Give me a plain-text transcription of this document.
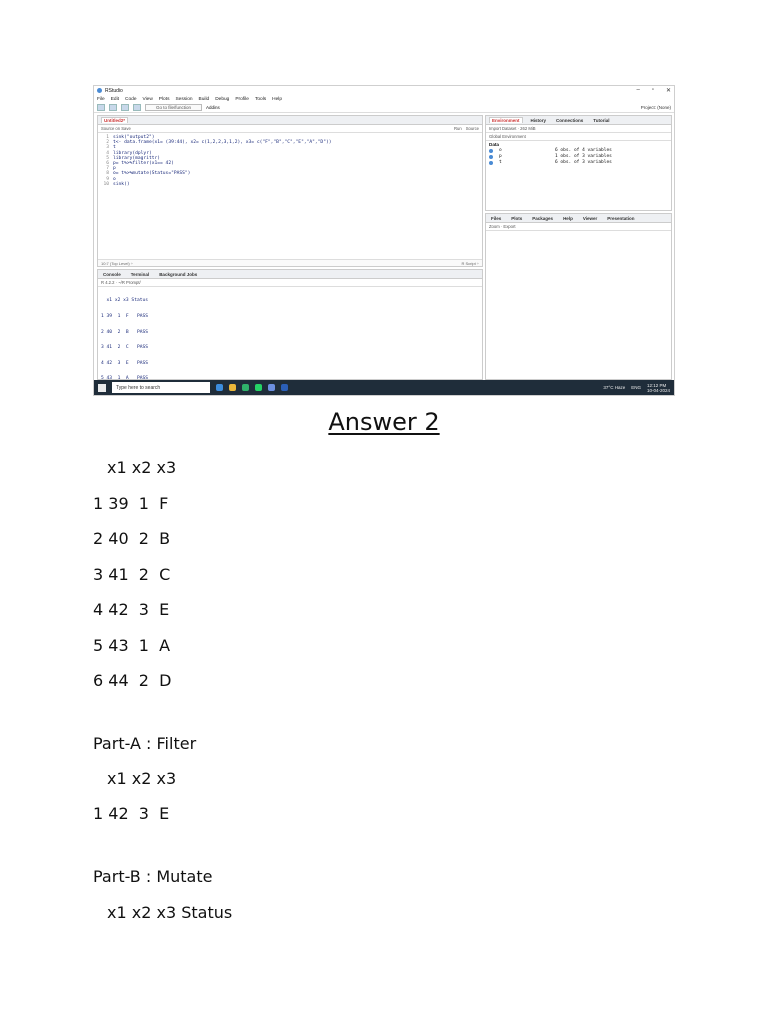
RStudio	– ▫ ✕
File Edit Code View Plots Session Build Debug Profile Tools Help
Go to file/function	Addins	Project: (None)
Untitled2*
Source on Save	Run Source
1 sink("output2")
2 t<- data.frame(x1= (39:44), x2= c(1,2,2,3,1,2), x3= c("F","B","C","E","A","D"))
3 t
4 library(dplyr)
5 library(magrittr)
6 p= t%>%filter(x1== 42)
7 p
8 o= t%>%mutate(Status="PASS")
9 o
10 sink()
10:7 (Top Level) ÷	R Script ÷
Console	Terminal	Background Jobs
R 4.2.2 · ~/R Prompt/

x1 x2 x3 Status

1 39  1  F   PASS

2 40  2  B   PASS

3 41  2  C   PASS

4 42  3  E   PASS

5 43  1  A   PASS

Environment	History	Connections	Tutorial
Import Dataset · 262 MiB
Global Environment
Data
o	6 obs. of 4 variables
p	1 obs. of 3 variables
t	6 obs. of 3 variables
Files	Plots	Packages	Help	Viewer	Presentation
Zoom · Export
Type here to search	37°C Haze ENG 12:12 PM
10-04-2024
Answer 2
x1 x2 x3
1 39  1  F
2 40  2  B
3 41  2  C
4 42  3  E
5 43  1  A
6 44  2  D
Part-A : Filter
x1 x2 x3
1 42  3  E
Part-B : Mutate
x1 x2 x3 Status
